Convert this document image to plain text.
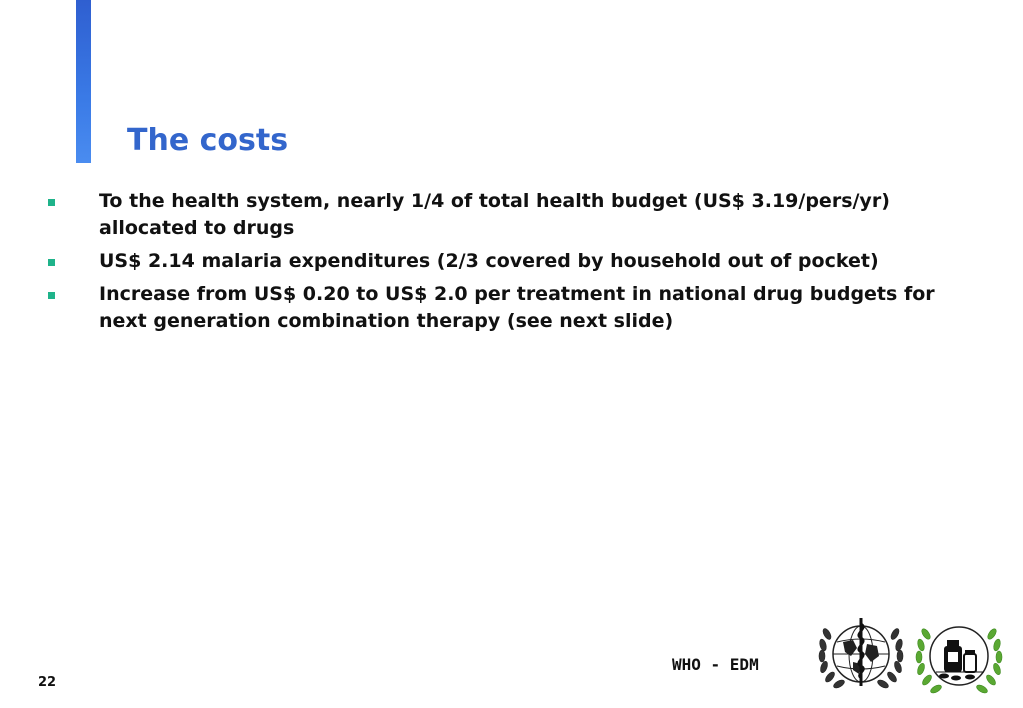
The costs
To the health system, nearly 1/4 of total health budget (US$ 3.19/pers/yr) allocated to drugs
US$ 2.14 malaria expenditures (2/3 covered by household out of pocket)
Increase from US$ 0.20 to US$ 2.0 per treatment in national drug budgets for next generation combination therapy (see next slide)
WHO - EDM
22
